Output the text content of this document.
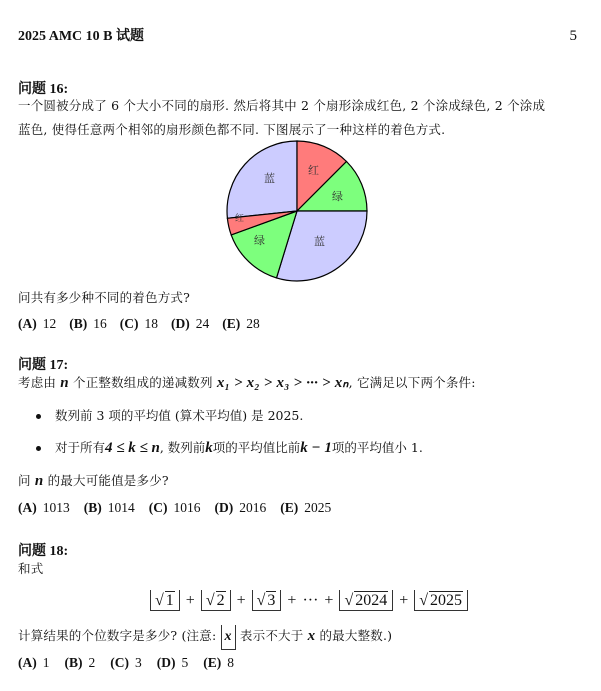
2025 AMC 10 B 试题	5
问题 16:
一个圆被分成了 6 个大小不同的扇形. 然后将其中 2 个扇形涂成红色, 2 个涂成绿色, 2 个涂成
蓝色, 使得任意两个相邻的扇形颜色都不同. 下图展示了一种这样的着色方式.
蓝
红
绿
蓝
绿
红
问共有多少种不同的着色方式?
(A) 12 (B) 16 (C) 18 (D) 24 (E) 28
问题 17:
考虑由 n 个正整数组成的递减数列 x₁ > x₂ > x₃ > ··· > xₙ, 它满足以下两个条件:
数列前 3 项的平均值 (算术平均值) 是 2025.
对于所有 4 ≤ k ≤ n , 数列前 k 项的平均值比前 k − 1 项的平均值小 1.
问 n 的最大可能值是多少?
(A) 1013 (B) 1014 (C) 1016 (D) 2016 (E) 2025
问题 18:
和式
√ 1 + √ 2 + √ 3 + ··· + √ 2024 + √ 2025
计算结果的个位数字是多少? (注意: x 表示不大于 x 的最大整数.)
(A) 1 (B) 2 (C) 3 (D) 5 (E) 8
